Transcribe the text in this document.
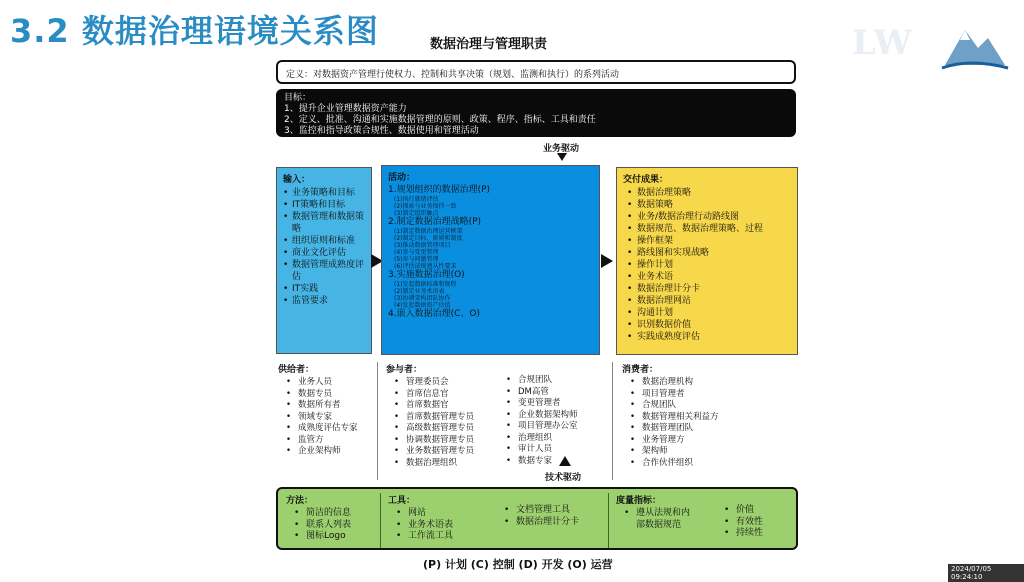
3.2 数据治理语境关系图	数据治理与管理职责	LW
定义：对数据资产管理行使权力、控制和共享决策（规划、监测和执行）的系列活动
目标：
1、提升企业管理数据资产能力
2、定义、批准、沟通和实施数据管理的原则、政策、程序、指标、工具和责任
3、监控和指导政策合规性、数据使用和管理活动
业务驱动
输入：
• 业务策略和目标
• IT策略和目标
• 数据管理和数据策略
• 组织原则和标准
• 商业文化评估
• 数据管理成熟度评估
• IT实践
• 监管要求
活动：
1.规划组织的数据治理(P)
(1)执行就绪评估
(2)探索与业务保持一致
(3)制定组织触点
2.制定数据治理战略(P)
(1)制定数据治理运营框架
(2)制定目标、原则和制度
(3)推动数据管理项目
(4)参与变更管理
(5)参与问题管理
(6)评估法规遵从性要求
3.实施数据治理(O)
(1)发起数据标准和规程
(2)制定业务术语表
(3)协调架构团队协作
(4)发起数据资产估值
4.嵌入数据治理(C、O)
交付成果：
• 数据治理策略
• 数据策略
• 业务/数据治理行动路线图
• 数据规范、数据治理策略、过程
• 操作框架
• 路线图和实现战略
• 操作计划
• 业务术语
• 数据治理计分卡
• 数据治理网站
• 沟通计划
• 识别数据价值
• 实践成熟度评估
供给者：
• 业务人员
• 数据专员
• 数据所有者
• 领域专家
• 成熟度评估专家
• 监管方
• 企业架构师
参与者：
• 管理委员会
• 首席信息官
• 首席数据官
• 首席数据管理专员
• 高级数据管理专员
• 协调数据管理专员
• 业务数据管理专员
• 数据治理组织
• 合规团队
• DM高管
• 变更管理者
• 企业数据架构师
• 项目管理办公室
• 治理组织
• 审计人员
• 数据专家
技术驱动
消费者：
• 数据治理机构
• 项目管理者
• 合规团队
• 数据管理相关利益方
• 数据管理团队
• 业务管理方
• 架构师
• 合作伙伴组织
方法：
• 简洁的信息
• 联系人列表
• 图标Logo
工具：
• 网站
• 业务术语表
• 工作流工具
• 文档管理工具
• 数据治理计分卡
度量指标：
• 遵从法规和内部数据规范
• 价值
• 有效性
• 持续性
(P) 计划 (C) 控制 (D) 开发 (O) 运营	2024/07/05 09:24:10
